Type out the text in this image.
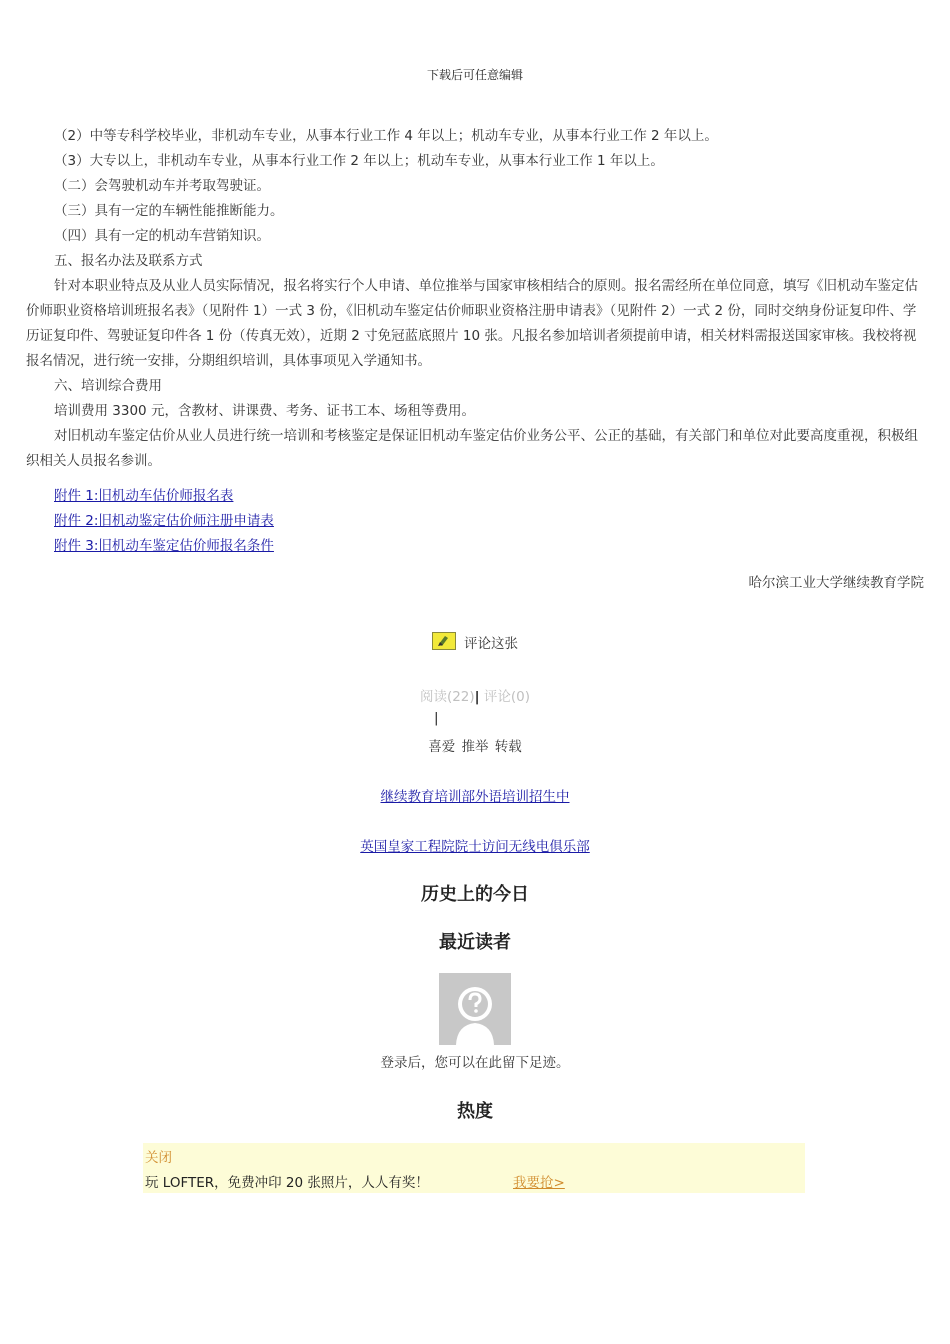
下载后可任意编辑

（2）中等专科学校毕业，非机动车专业，从事本行业工作 4 年以上；机动车专业，从事本行业工作 2 年以上。

（3）大专以上，非机动车专业，从事本行业工作 2 年以上；机动车专业，从事本行业工作 1 年以上。

（二）会驾驶机动车并考取驾驶证。

（三）具有一定的车辆性能推断能力。

（四）具有一定的机动车营销知识。

五、报名办法及联系方式

针对本职业特点及从业人员实际情况，报名将实行个人申请、单位推举与国家审核相结合的原则。报名需经所在单位同意，填写《旧机动车鉴定估价师职业资格培训班报名表》（见附件 1）一式 3 份，《旧机动车鉴定估价师职业资格注册申请表》（见附件 2）一式 2 份，同时交纳身份证复印件、学历证复印件、驾驶证复印件各 1 份（传真无效），近期 2 寸免冠蓝底照片 10 张。凡报名参加培训者须提前申请，相关材料需报送国家审核。我校将视报名情况，进行统一安排，分期组织培训，具体事项见入学通知书。

六、培训综合费用

培训费用 3300 元，含教材、讲课费、考务、证书工本、场租等费用。

对旧机动车鉴定估价从业人员进行统一培训和考核鉴定是保证旧机动车鉴定估价业务公平、公正的基础，有关部门和单位对此要高度重视，积极组织相关人员报名参训。

附件 1:旧机动车估价师报名表
附件 2:旧机动鉴定估价师注册申请表
附件 3:旧机动车鉴定估价师报名条件
哈尔滨工业大学继续教育学院
评论这张
阅读(22)| 评论(0)
|
喜爱 推举 转载
继续教育培训部外语培训招生中
英国皇家工程院院士访问无线电俱乐部
历史上的今日
最近读者
登录后，您可以在此留下足迹。
热度
关闭
玩 LOFTER，免费冲印 20 张照片，人人有奖！	我要抢>
